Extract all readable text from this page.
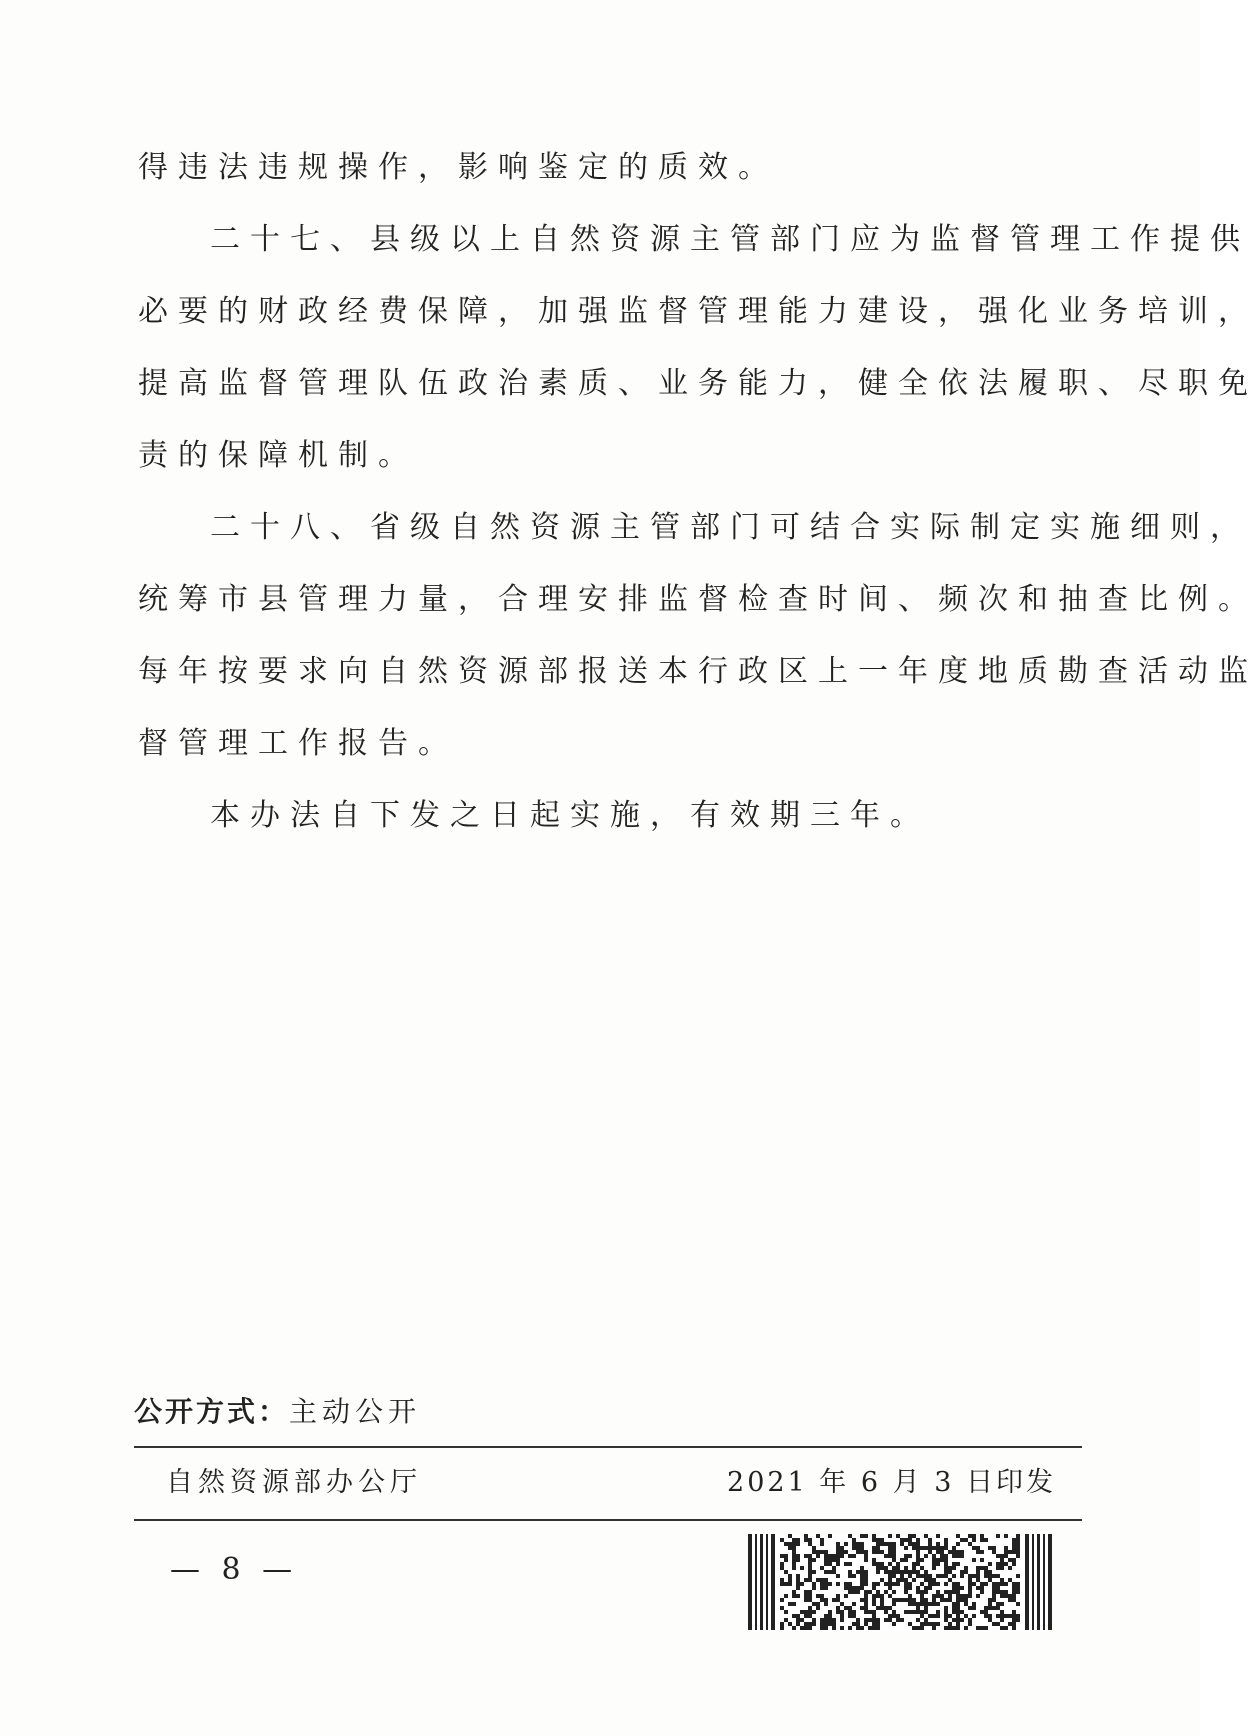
得违法违规操作，影响鉴定的质效。
二十七、县级以上自然资源主管部门应为监督管理工作提供
必要的财政经费保障，加强监督管理能力建设，强化业务培训，
提高监督管理队伍政治素质、业务能力，健全依法履职、尽职免
责的保障机制。
二十八、省级自然资源主管部门可结合实际制定实施细则，
统筹市县管理力量，合理安排监督检查时间、频次和抽查比例。
每年按要求向自然资源部报送本行政区上一年度地质勘查活动监
督管理工作报告。
本办法自下发之日起实施，有效期三年。
公开方式：主动公开
自然资源部办公厅	2021 年 6 月 3 日印发
— 8 —
